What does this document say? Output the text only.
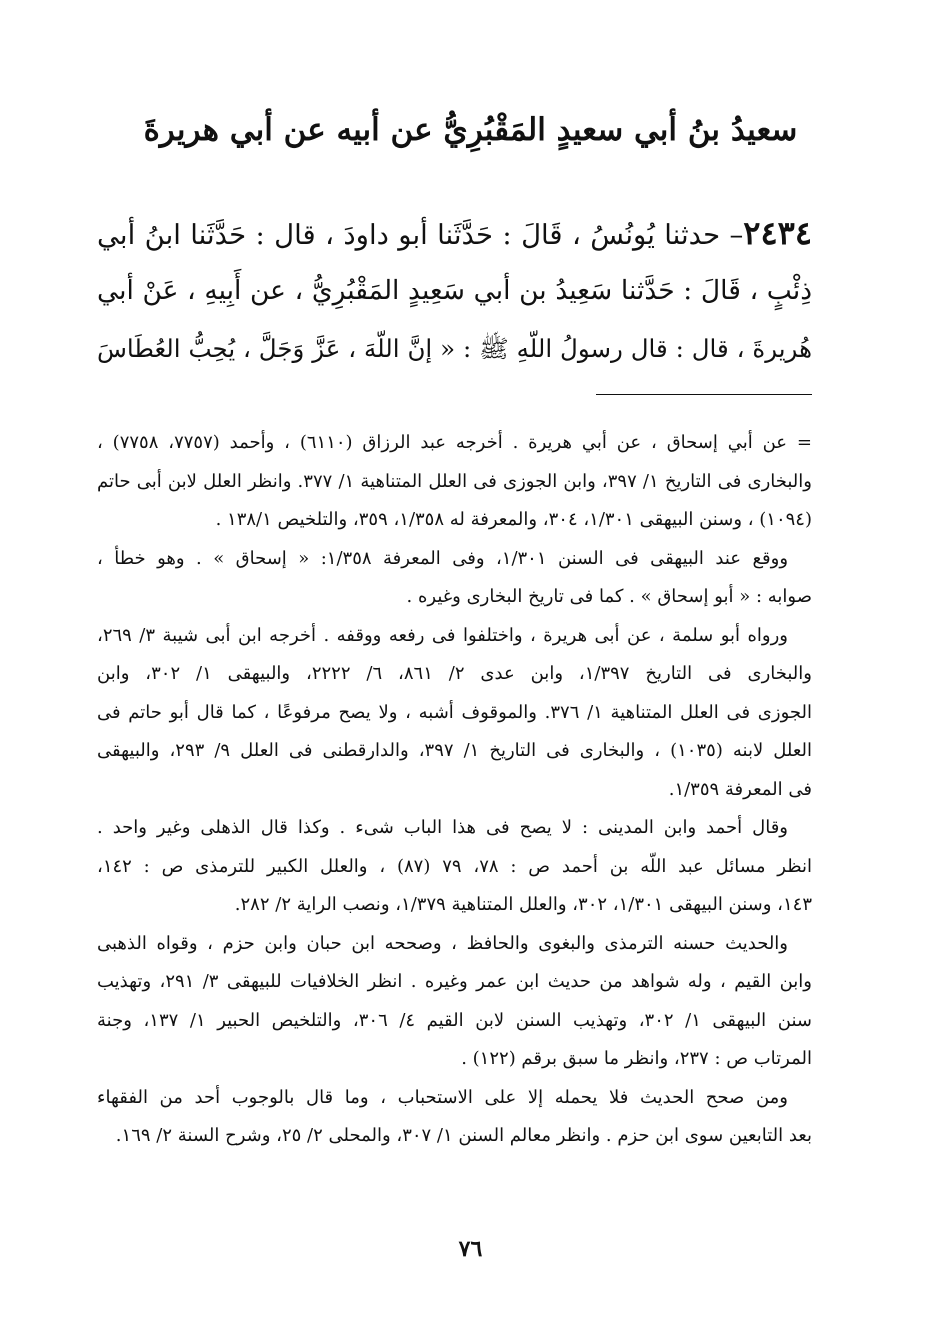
سعيدُ بنُ أبي سعيدٍ المَقْبُرِيُّ عن أبيه عن أبي هريرةَ
٢٤٣٤– حدثنا يُونُسُ ، قَالَ : حَدَّثَنا أبو داودَ ، قال : حَدَّثَنا ابنُ أبي
ذِئْبٍ ، قَالَ : حَدَّثنا سَعِيدُ بن أبي سَعِيدٍ المَقْبُرِيُّ ، عن أَبِيهِ ، عَنْ أبي
هُريرةَ ، قال : قال رسولُ اللّهِ ﷺ : « إنَّ اللّهَ ، عَزَّ وَجَلَّ ، يُحِبُّ العُطَاسَ
= عن أبي إسحاق ، عن أبي هريرة . أخرجه عبد الرزاق (٦١١٠) ، وأحمد (٧٧٥٧، ٧٧٥٨) ،
والبخارى فى التاريخ ١/ ٣٩٧، وابن الجوزى فى العلل المتناهية ١/ ٣٧٧. وانظر العلل لابن أبى حاتم
(١٠٩٤) ، وسنن البيهقى ١/٣٠١، ٣٠٤، والمعرفة له ١/٣٥٨، ٣٥٩، والتلخيص ١٣٨/١ .
ووقع عند البيهقى فى السنن ١/٣٠١، وفى المعرفة ١/٣٥٨: « إسحاق » . وهو خطأ ،
صوابه : « أبو إسحاق » . كما فى تاريخ البخارى وغيره .
ورواه أبو سلمة ، عن أبى هريرة ، واختلفوا فى رفعه ووقفه . أخرجه ابن أبى شيبة ٣/ ٢٦٩،
والبخارى فى التاريخ ١/٣٩٧، وابن عدى ٢/ ٨٦١، ٦/ ٢٢٢٢، والبيهقى ١/ ٣٠٢، وابن
الجوزى فى العلل المتناهية ١/ ٣٧٦. والموقوف أشبه ، ولا يصح مرفوعًا ، كما قال أبو حاتم فى
العلل لابنه (١٠٣٥) ، والبخارى فى التاريخ ١/ ٣٩٧، والدارقطنى فى العلل ٩/ ٢٩٣، والبيهقى
فى المعرفة ١/٣٥٩.
وقال أحمد وابن المدينى : لا يصح فى هذا الباب شىء . وكذا قال الذهلى وغير واحد .
انظر مسائل عبد اللّه بن أحمد ص : ٧٨، ٧٩ (٨٧) ، والعلل الكبير للترمذى ص : ١٤٢،
١٤٣، وسنن البيهقى ١/٣٠١، ٣٠٢، والعلل المتناهية ١/٣٧٩، ونصب الراية ٢/ ٢٨٢.
والحديث حسنه الترمذى والبغوى والحافظ ، وصححه ابن حبان وابن حزم ، وقواه الذهبى
وابن القيم ، وله شواهد من حديث ابن عمر وغيره . انظر الخلافيات للبيهقى ٣/ ٢٩١، وتهذيب
سنن البيهقى ١/ ٣٠٢، وتهذيب السنن لابن القيم ٤/ ٣٠٦، والتلخيص الحبير ١/ ١٣٧، وجنة
المرتاب ص : ٢٣٧، وانظر ما سبق برقم (١٢٢) .
ومن صحح الحديث فلا يحمله إلا على الاستحباب ، وما قال بالوجوب أحد من الفقهاء
بعد التابعين سوى ابن حزم . وانظر معالم السنن ١/ ٣٠٧، والمحلى ٢/ ٢٥، وشرح السنة ٢/ ١٦٩.
٧٦
